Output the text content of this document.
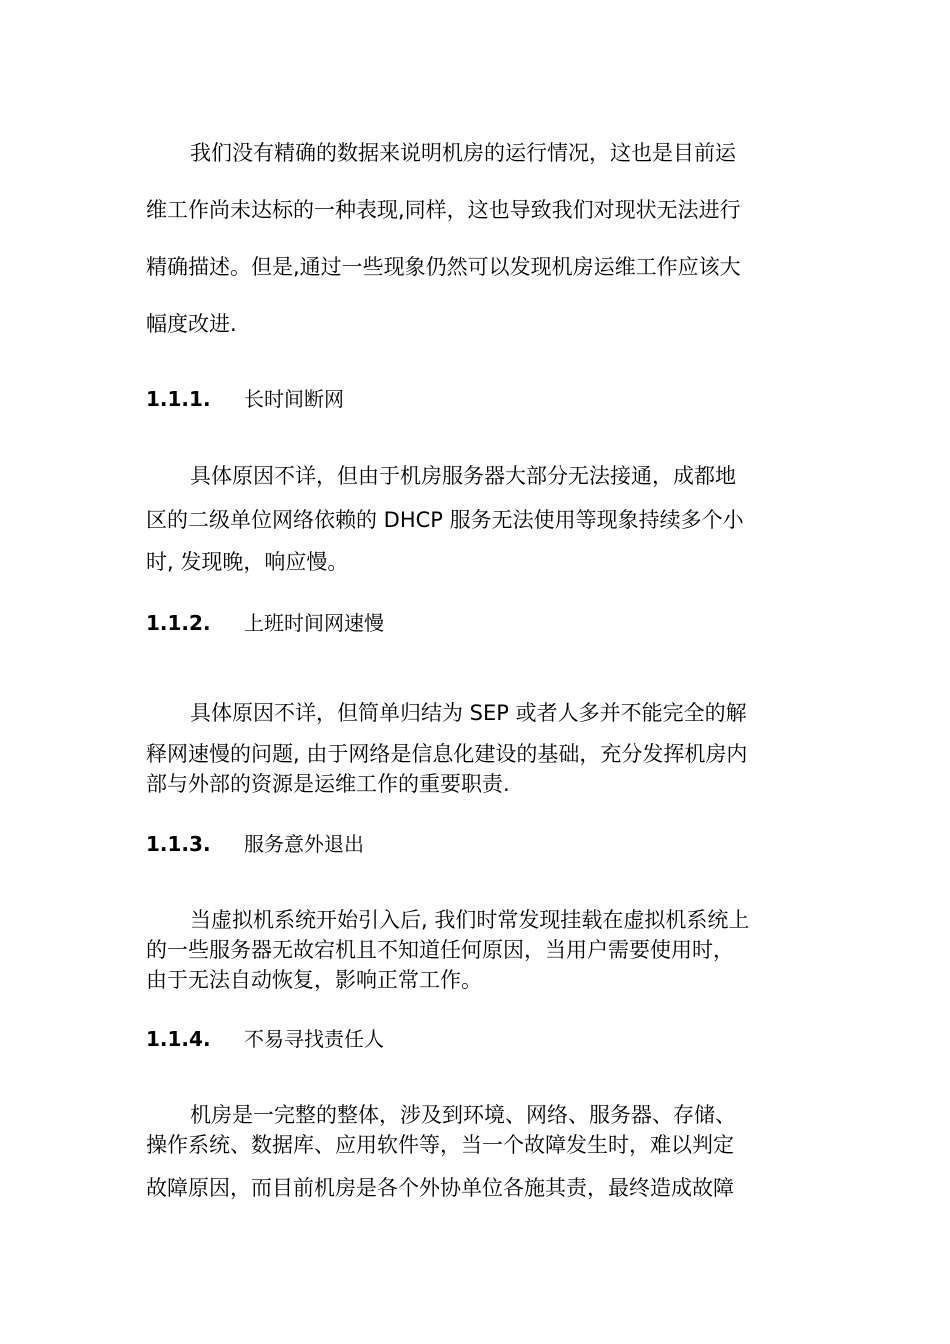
我们没有精确的数据来说明机房的运行情况，这也是目前运

维工作尚未达标的一种表现,同样，这也导致我们对现状无法进行

精确描述。但是,通过一些现象仍然可以发现机房运维工作应该大

幅度改进.

1.1.1. 长时间断网

具体原因不详，但由于机房服务器大部分无法接通，成都地

区的二级单位网络依赖的 DHCP 服务无法使用等现象持续多个小

时, 发现晚，响应慢。

1.1.2. 上班时间网速慢

具体原因不详，但简单归结为 SEP 或者人多并不能完全的解

释网速慢的问题, 由于网络是信息化建设的基础，充分发挥机房内

部与外部的资源是运维工作的重要职责.

1.1.3. 服务意外退出

当虚拟机系统开始引入后, 我们时常发现挂载在虚拟机系统上

的一些服务器无故宕机且不知道任何原因，当用户需要使用时，

由于无法自动恢复，影响正常工作。

1.1.4. 不易寻找责任人

机房是一完整的整体，涉及到环境、网络、服务器、存储、

操作系统、数据库、应用软件等，当一个故障发生时，难以判定

故障原因，而目前机房是各个外协单位各施其责，最终造成故障
